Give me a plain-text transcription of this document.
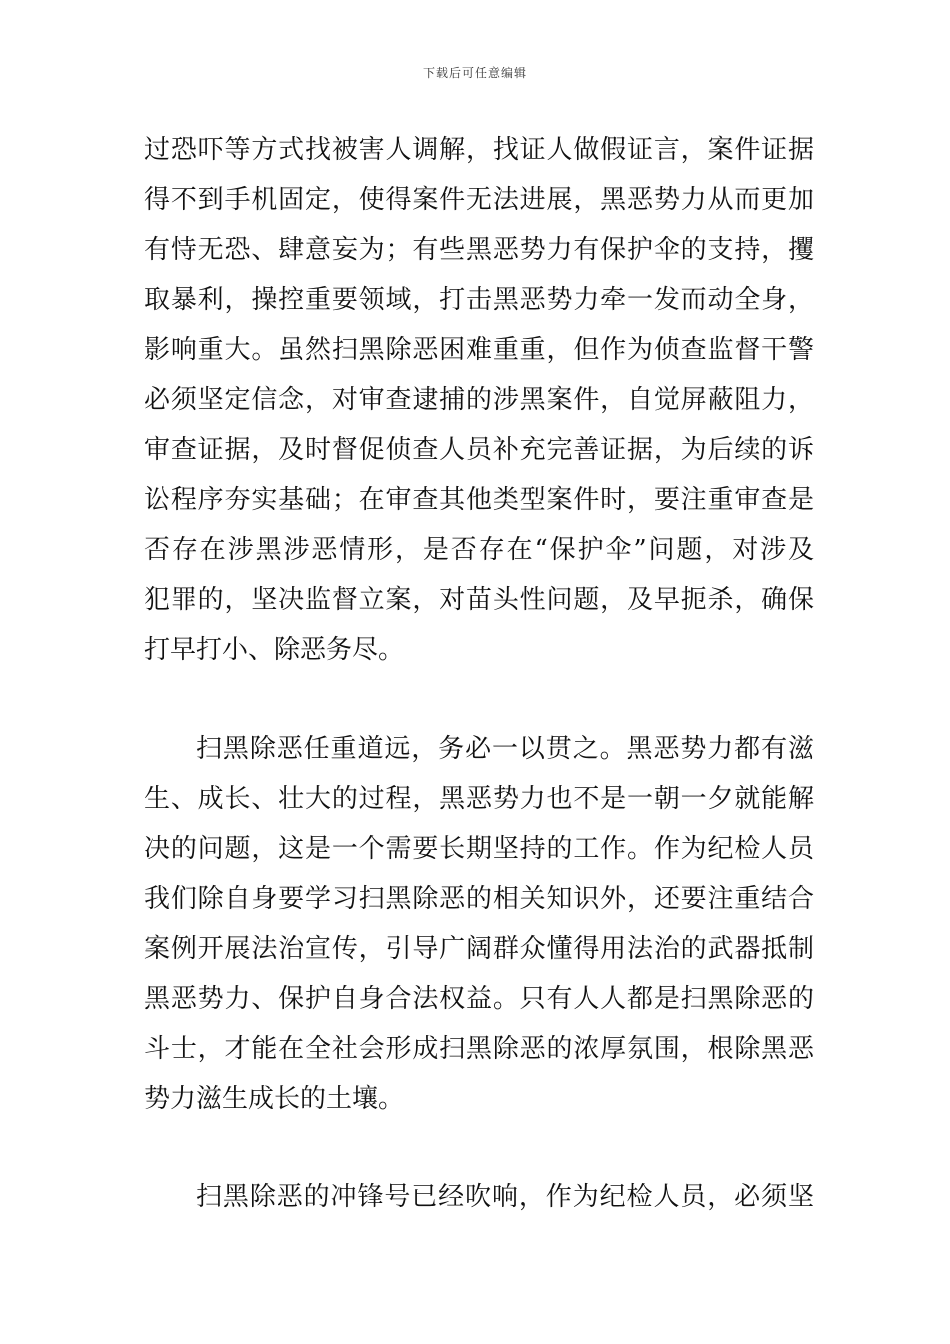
下载后可任意编辑
过恐吓等方式找被害人调解，找证人做假证言，案件证据
得不到手机固定，使得案件无法进展，黑恶势力从而更加
有恃无恐、肆意妄为；有些黑恶势力有保护伞的支持，攫
取暴利，操控重要领域，打击黑恶势力牵一发而动全身，
影响重大。虽然扫黑除恶困难重重，但作为侦查监督干警
必须坚定信念，对审查逮捕的涉黑案件，自觉屏蔽阻力，
审查证据，及时督促侦查人员补充完善证据，为后续的诉
讼程序夯实基础；在审查其他类型案件时，要注重审查是
否存在涉黑涉恶情形，是否存在“保护伞”问题，对涉及
犯罪的，坚决监督立案，对苗头性问题，及早扼杀，确保
打早打小、除恶务尽。
扫黑除恶任重道远，务必一以贯之。黑恶势力都有滋
生、成长、壮大的过程，黑恶势力也不是一朝一夕就能解
决的问题，这是一个需要长期坚持的工作。作为纪检人员
我们除自身要学习扫黑除恶的相关知识外，还要注重结合
案例开展法治宣传，引导广阔群众懂得用法治的武器抵制
黑恶势力、保护自身合法权益。只有人人都是扫黑除恶的
斗士，才能在全社会形成扫黑除恶的浓厚氛围，根除黑恶
势力滋生成长的土壤。
扫黑除恶的冲锋号已经吹响，作为纪检人员，必须坚
